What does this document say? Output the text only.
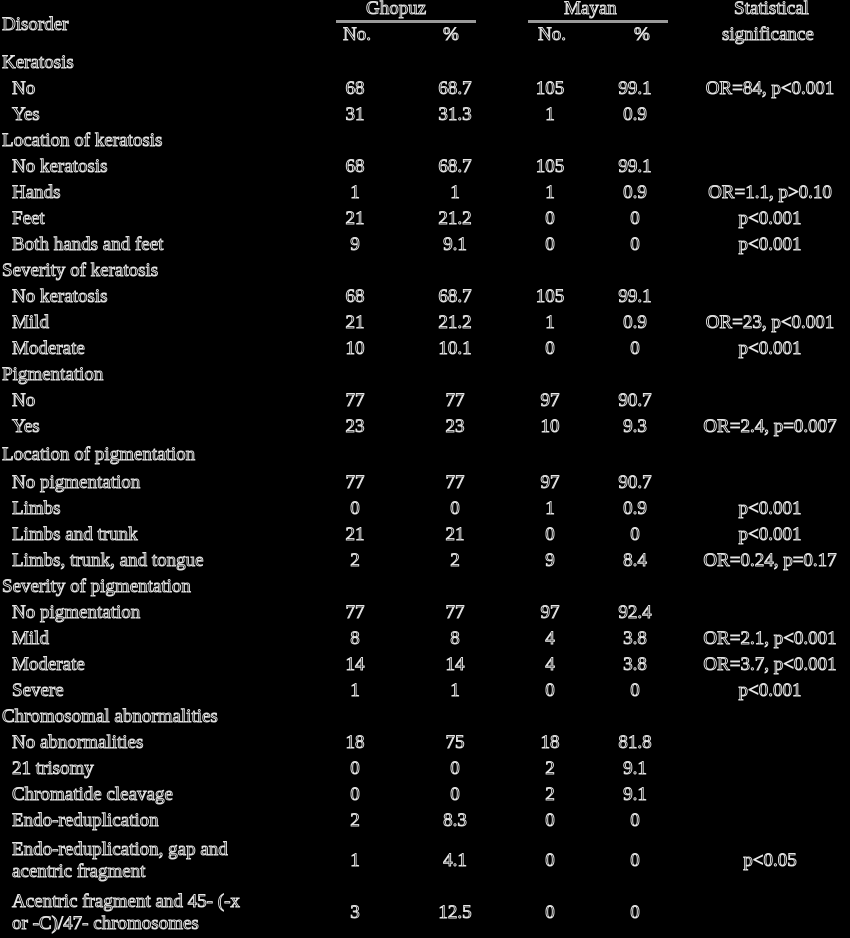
Disorder
Ghopuz
No.	%
Mayan
No.	%
Statistical
significance
Keratosis
No	68	68.7	105	99.1	OR=84, p<0.001
Yes	31	31.3	1	0.9
Location of keratosis
No keratosis	68	68.7	105	99.1
Hands	1	1	1	0.9	OR=1.1, p>0.10
Feet	21	21.2	0	0	p<0.001
Both hands and feet	9	9.1	0	0	p<0.001
Severity of keratosis
No keratosis	68	68.7	105	99.1
Mild	21	21.2	1	0.9	OR=23, p<0.001
Moderate	10	10.1	0	0	p<0.001
Pigmentation
No	77	77	97	90.7
Yes	23	23	10	9.3	OR=2.4, p=0.007
Location of pigmentation
No pigmentation	77	77	97	90.7
Limbs	0	0	1	0.9	p<0.001
Limbs and trunk	21	21	0	0	p<0.001
Limbs, trunk, and tongue	2	2	9	8.4	OR=0.24, p=0.17
Severity of pigmentation
No pigmentation	77	77	97	92.4
Mild	8	8	4	3.8	OR=2.1, p<0.001
Moderate	14	14	4	3.8	OR=3.7, p<0.001
Severe	1	1	0	0	p<0.001
Chromosomal abnormalities
No abnormalities	18	75	18	81.8
21 trisomy	0	0	2	9.1
Chromatide cleavage	0	0	2	9.1
Endo-reduplication	2	8.3	0	0
Endo-reduplication, gap and
acentric fragment
1	4.1	0	0	p<0.05
Acentric fragment and 45- (-x
or -C)/47- chromosomes
3	12.5	0	0
